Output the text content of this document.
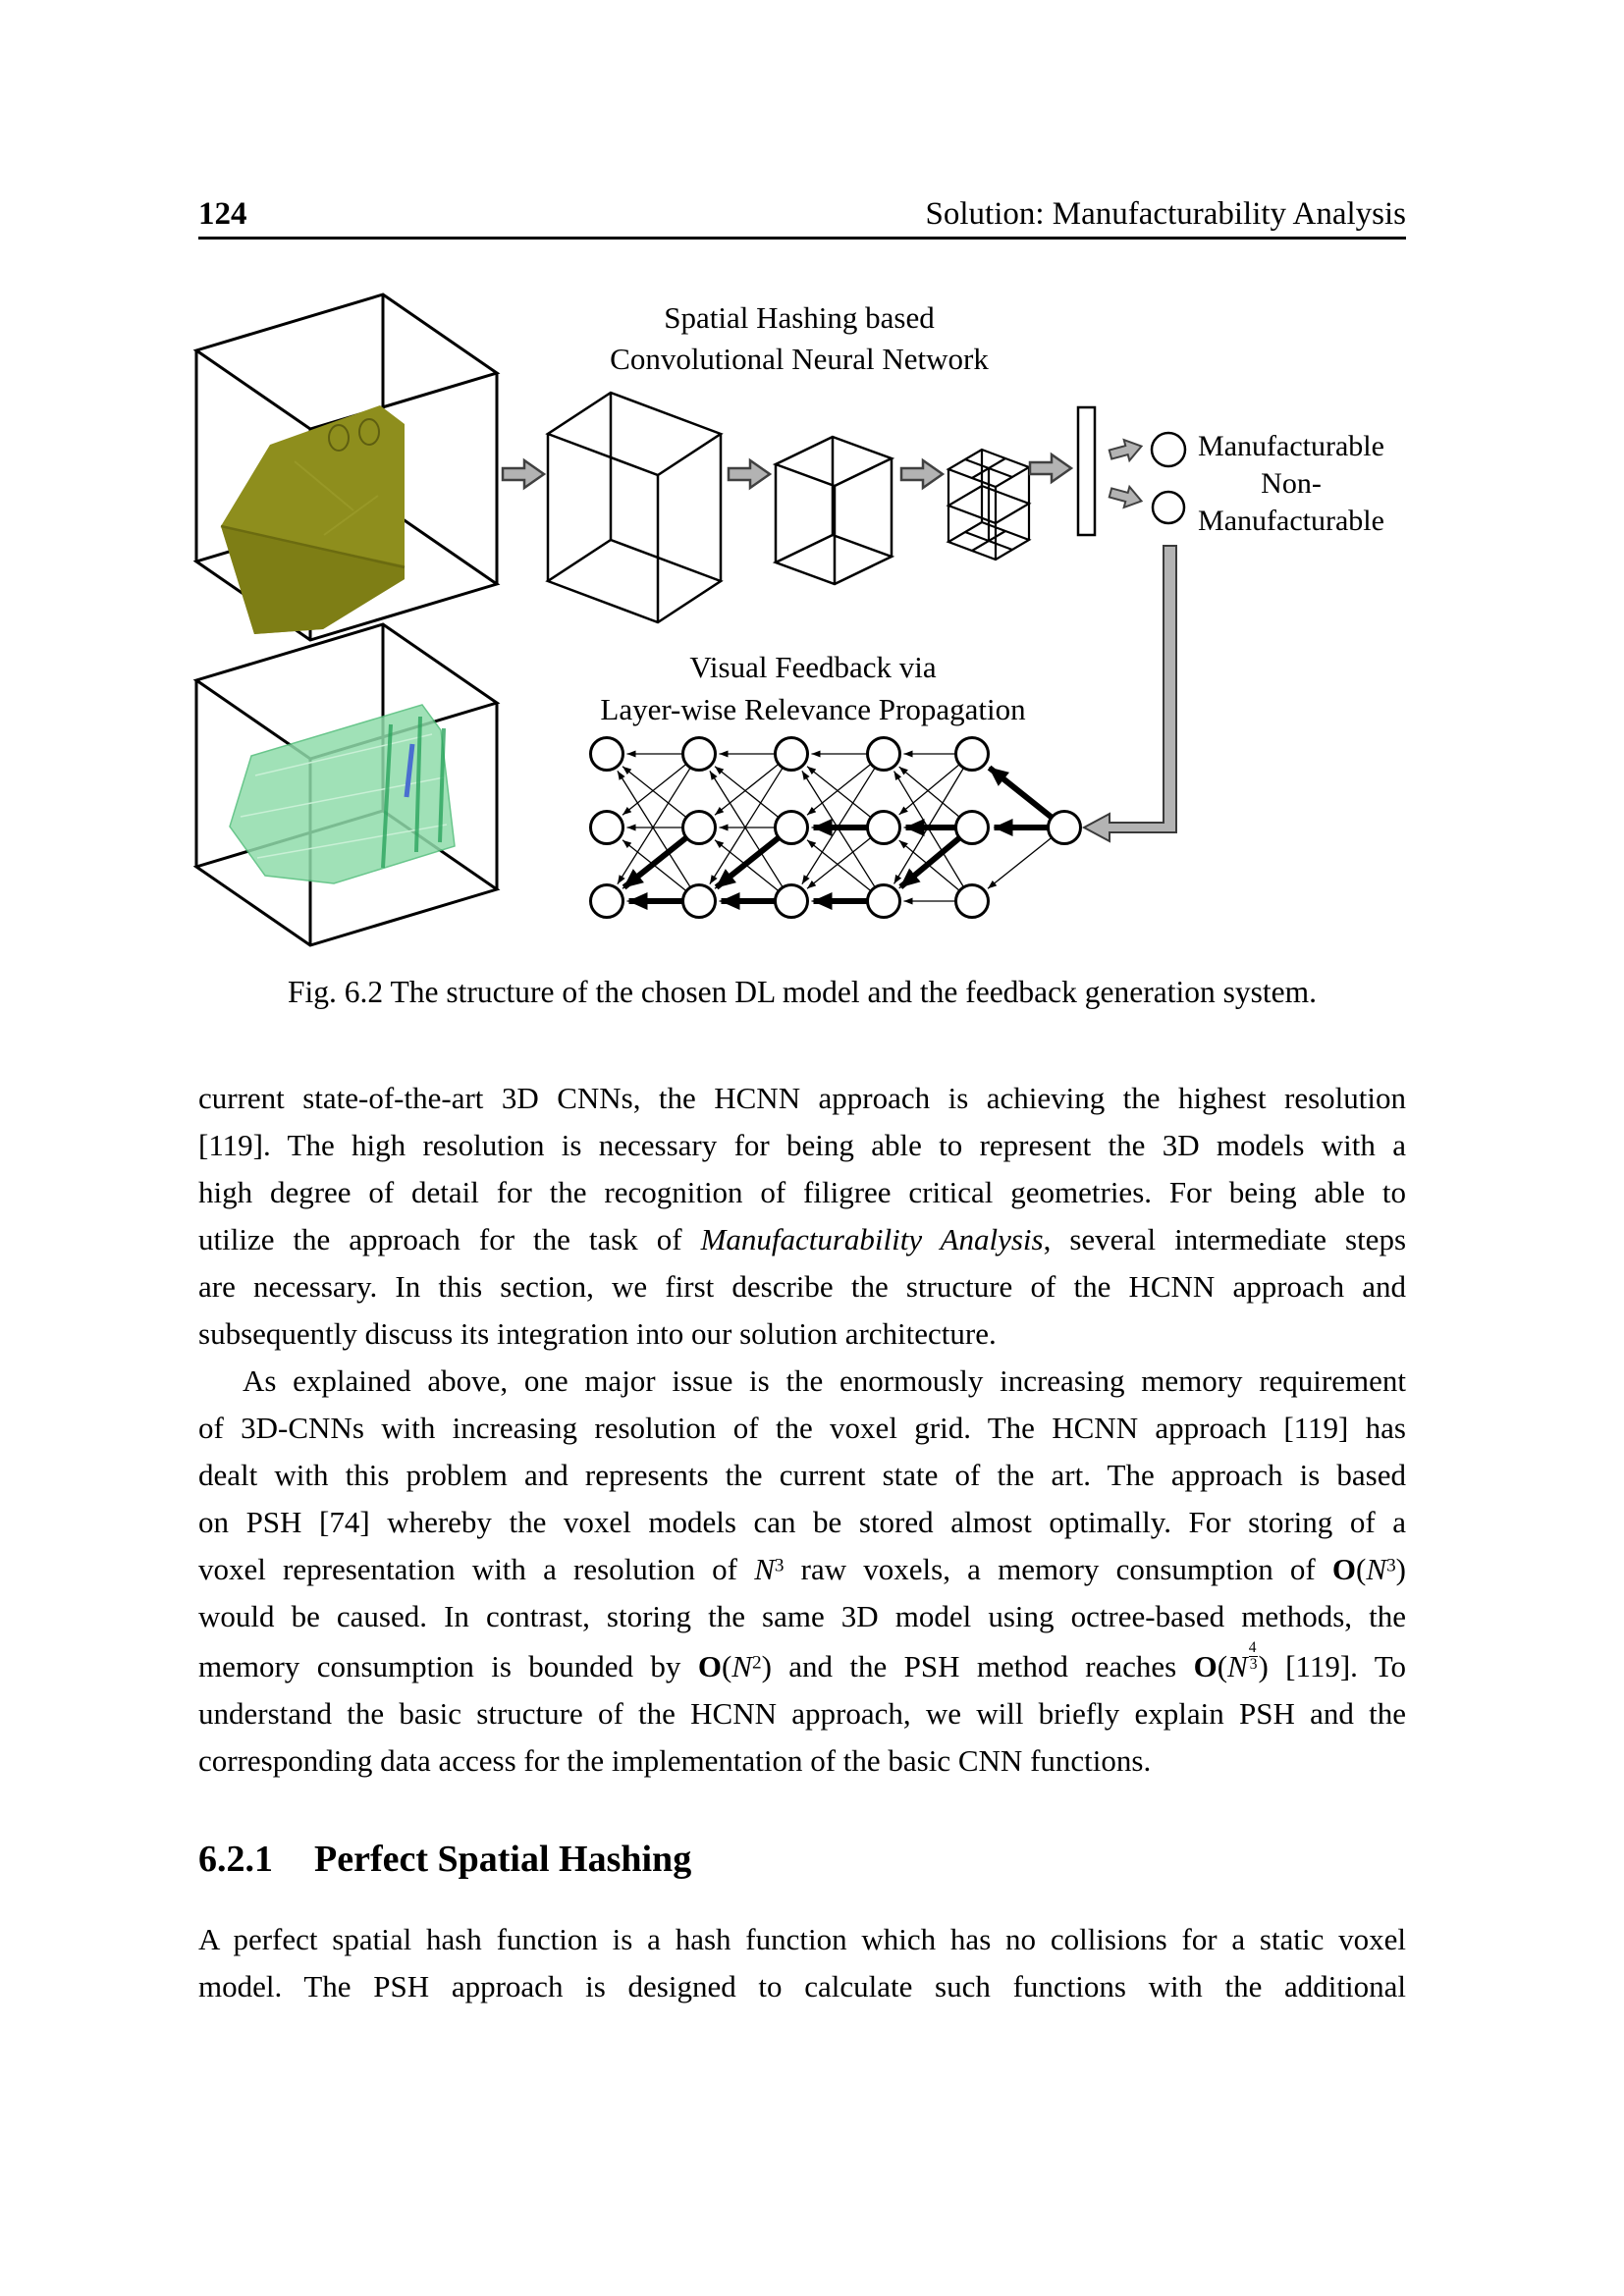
124	Solution: Manufacturability Analysis
Spatial Hashing based
Convolutional Neural Network
Visual Feedback via
Layer-wise Relevance Propagation
Manufacturable
Non-
Manufacturable
Fig. 6.2 The structure of the chosen DL model and the feedback generation system.
current state-of-the-art 3D CNNs, the HCNN approach is achieving the highest resolution
[119]. The high resolution is necessary for being able to represent the 3D models with a
high degree of detail for the recognition of filigree critical geometries. For being able to
utilize the approach for the task of Manufacturability Analysis, several intermediate steps
are necessary. In this section, we first describe the structure of the HCNN approach and
subsequently discuss its integration into our solution architecture.
As explained above, one major issue is the enormously increasing memory requirement
of 3D-CNNs with increasing resolution of the voxel grid. The HCNN approach [119] has
dealt with this problem and represents the current state of the art. The approach is based
on PSH [74] whereby the voxel models can be stored almost optimally. For storing of a
voxel representation with a resolution of $N^3$ raw voxels, a memory consumption of $O(N^3)$
would be caused. In contrast, storing the same 3D model using octree-based methods, the
memory consumption is bounded by $O(N^2)$ and the PSH method reaches $O(N \frac{4}{3}$ ) [119]. To
understand the basic structure of the HCNN approach, we will briefly explain PSH and the
corresponding data access for the implementation of the basic CNN functions.
6.2.1 Perfect Spatial Hashing
A perfect spatial hash function is a hash function which has no collisions for a static voxel
model. The PSH approach is designed to calculate such functions with the additional
